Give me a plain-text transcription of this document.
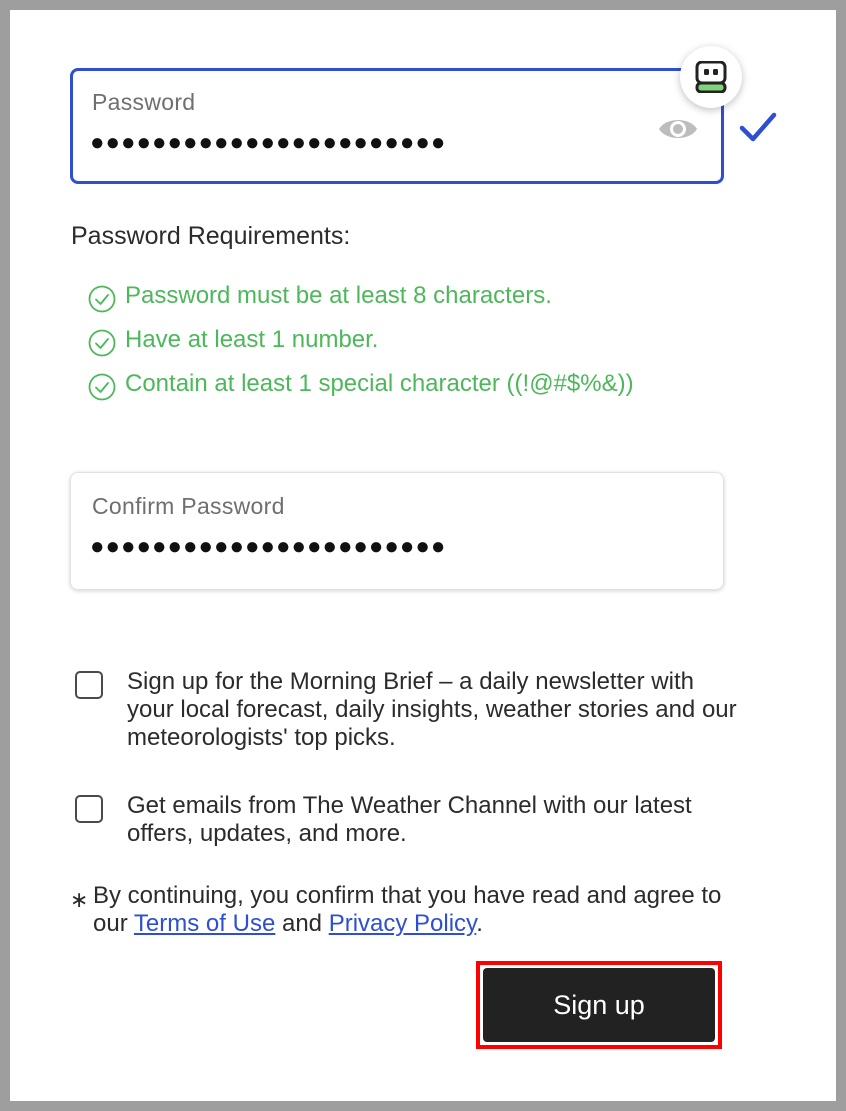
Password
●●●●●●●●●●●●●●●●●●●●●●●
Password Requirements:
Password must be at least 8 characters.
Have at least 1 number.
Contain at least 1 special character ((!@#$%&))
Confirm Password
●●●●●●●●●●●●●●●●●●●●●●●
Sign up for the Morning Brief – a daily newsletter with your local forecast, daily insights, weather stories and our meteorologists' top picks.
Get emails from The Weather Channel with our latest offers, updates, and more.
∗ By continuing, you confirm that you have read and agree to our Terms of Use and Privacy Policy.
Sign up
